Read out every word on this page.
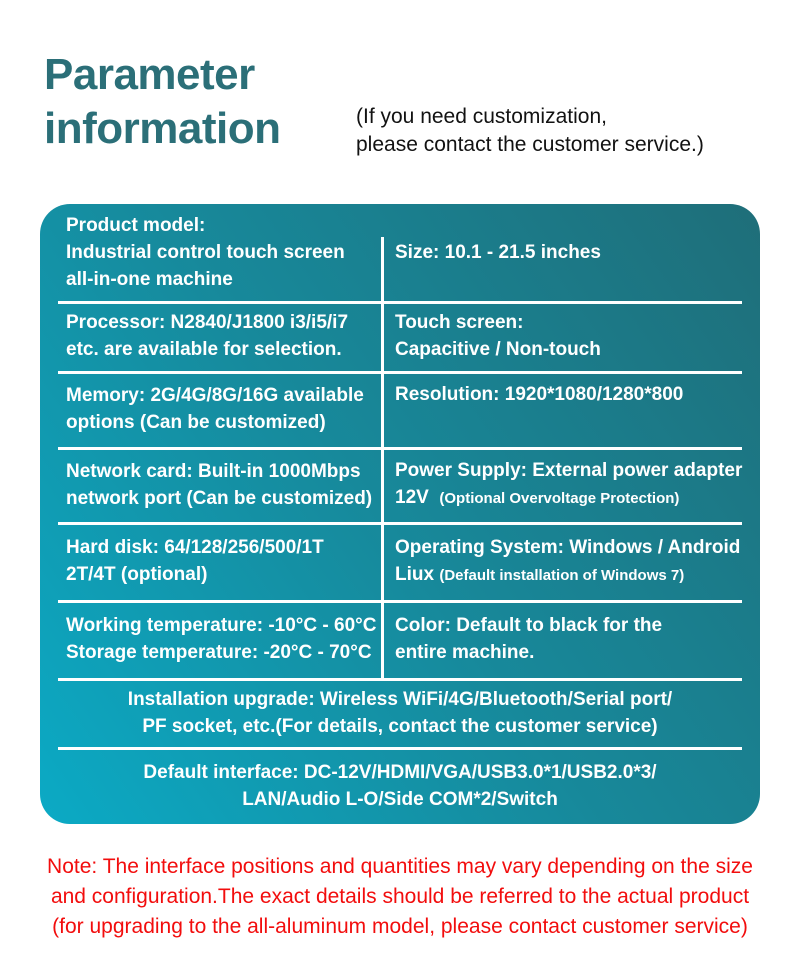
Parameter
information	(If you need customization,
please contact the customer service.)
Product model:
Industrial control touch screen
all-in-one machine
Size: 10.1 - 21.5 inches
Processor: N2840/J1800 i3/i5/i7
etc. are available for selection.
Touch screen:
Capacitive / Non-touch
Memory: 2G/4G/8G/16G available
options (Can be customized)
Resolution: 1920*1080/1280*800
Network card: Built-in 1000Mbps
network port (Can be customized)
Power Supply: External power adapter
12V (Optional Overvoltage Protection)
Hard disk: 64/128/256/500/1T
2T/4T (optional)
Operating System: Windows / Android
Liux (Default installation of Windows 7)
Working temperature: -10°C - 60°C
Storage temperature: -20°C - 70°C
Color: Default to black for the
entire machine.
Installation upgrade: Wireless WiFi/4G/Bluetooth/Serial port/
PF socket, etc.(For details, contact the customer service)
Default interface: DC-12V/HDMI/VGA/USB3.0*1/USB2.0*3/
LAN/Audio L-O/Side COM*2/Switch
Note: The interface positions and quantities may vary depending on the size
and configuration.The exact details should be referred to the actual product
(for upgrading to the all-aluminum model, please contact customer service)
